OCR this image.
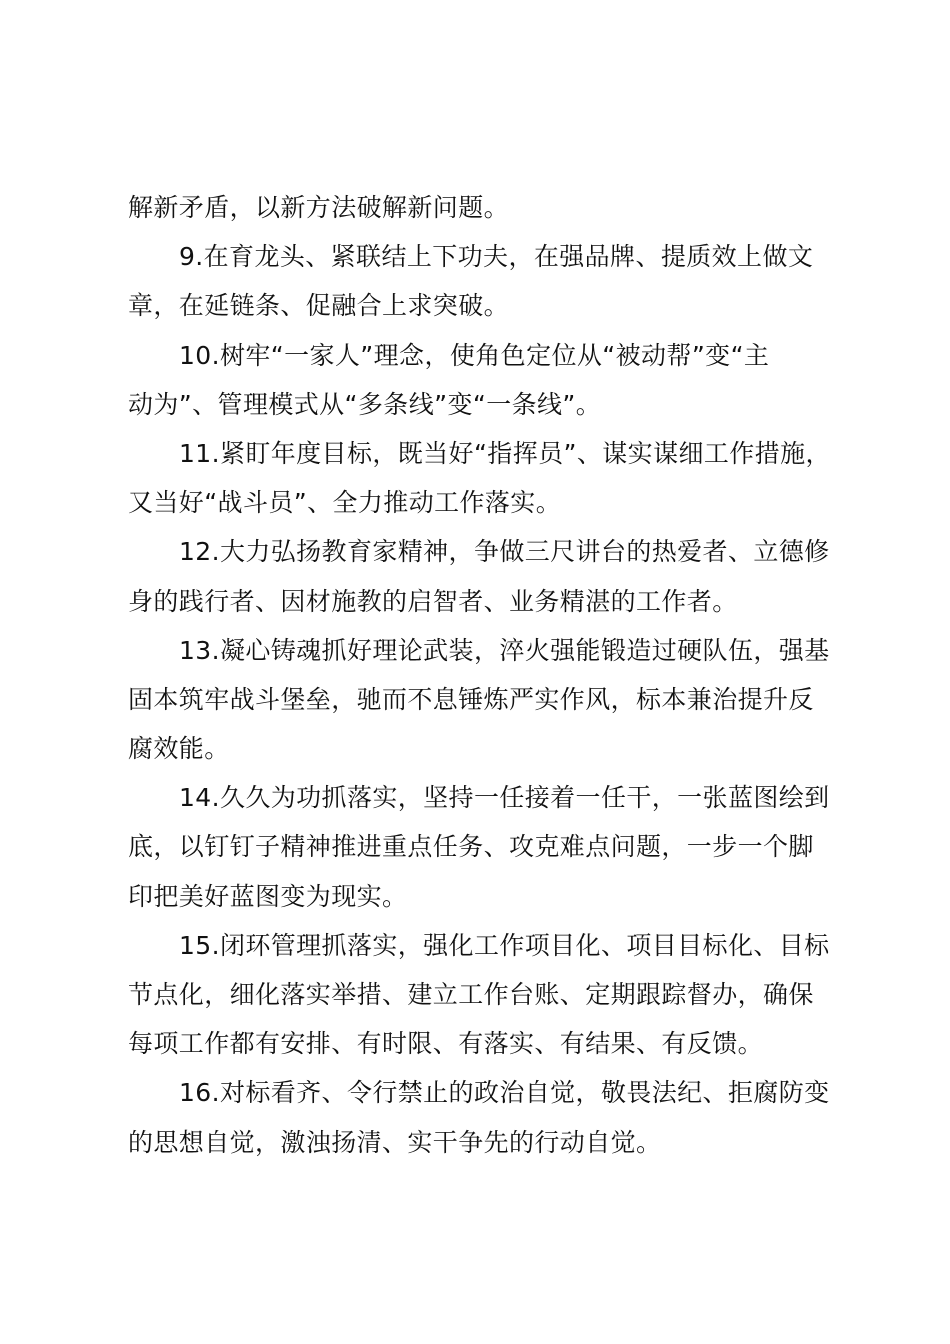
解新矛盾，以新方法破解新问题。
9.在育龙头、紧联结上下功夫，在强品牌、提质效上做文
章，在延链条、促融合上求突破。
10.树牢“一家人”理念，使角色定位从“被动帮”变“主
动为”、管理模式从“多条线”变“一条线”。
11.紧盯年度目标，既当好“指挥员”、谋实谋细工作措施，
又当好“战斗员”、全力推动工作落实。
12.大力弘扬教育家精神，争做三尺讲台的热爱者、立德修
身的践行者、因材施教的启智者、业务精湛的工作者。
13.凝心铸魂抓好理论武装，淬火强能锻造过硬队伍，强基
固本筑牢战斗堡垒，驰而不息锤炼严实作风，标本兼治提升反
腐效能。
14.久久为功抓落实，坚持一任接着一任干，一张蓝图绘到
底，以钉钉子精神推进重点任务、攻克难点问题，一步一个脚
印把美好蓝图变为现实。
15.闭环管理抓落实，强化工作项目化、项目目标化、目标
节点化，细化落实举措、建立工作台账、定期跟踪督办，确保
每项工作都有安排、有时限、有落实、有结果、有反馈。
16.对标看齐、令行禁止的政治自觉，敬畏法纪、拒腐防变
的思想自觉，激浊扬清、实干争先的行动自觉。
